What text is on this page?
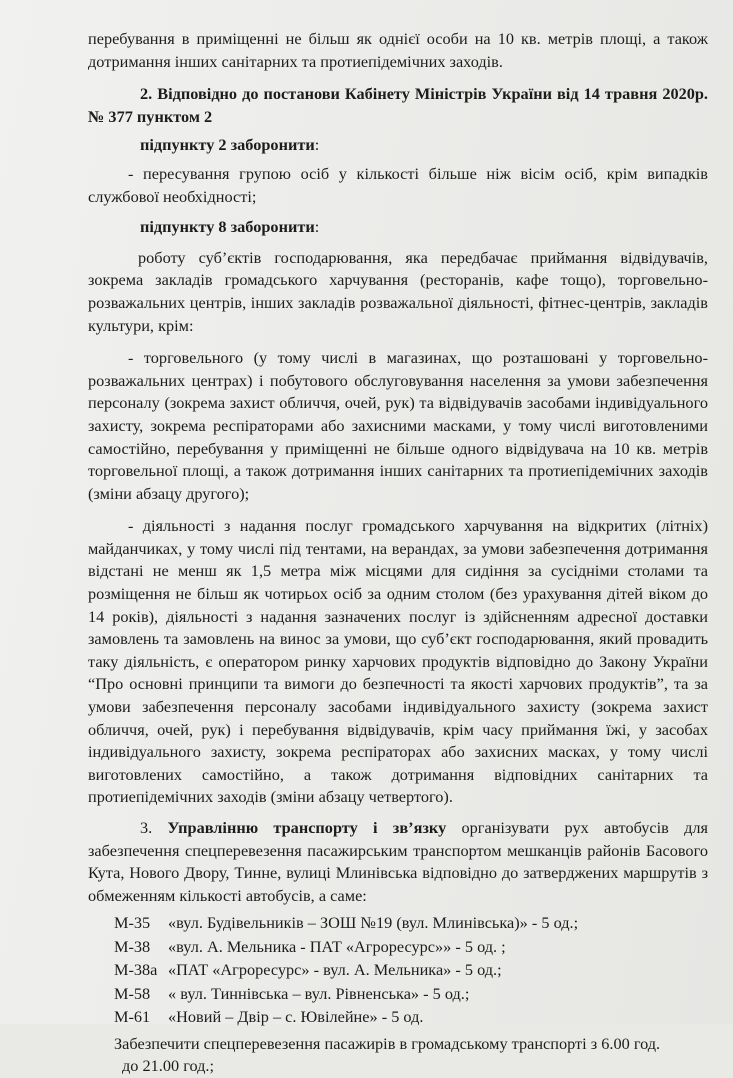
перебування в приміщенні не більш як однієї особи на 10 кв. метрів площі, а також дотримання інших санітарних та протиепідемічних заходів.

2. Відповідно до постанови Кабінету Міністрів України від 14 травня 2020р. № 377 пунктом 2

підпункту 2 заборонити:

- пересування групою осіб у кількості більше ніж вісім осіб, крім випадків службової необхідності;

підпункту 8 заборонити:

роботу суб’єктів господарювання, яка передбачає приймання відвідувачів, зокрема закладів громадського харчування (ресторанів, кафе тощо), торговельно-розважальних центрів, інших закладів розважальної діяльності, фітнес-центрів, закладів культури, крім:

- торговельного (у тому числі в магазинах, що розташовані у торговельно-розважальних центрах) і побутового обслуговування населення за умови забезпечення персоналу (зокрема захист обличчя, очей, рук) та відвідувачів засобами індивідуального захисту, зокрема респіраторами або захисними масками, у тому числі виготовленими самостійно, перебування у приміщенні не більше одного відвідувача на 10 кв. метрів торговельної площі, а також дотримання інших санітарних та протиепідемічних заходів (зміни абзацу другого);

- діяльності з надання послуг громадського харчування на відкритих (літніх) майданчиках, у тому числі під тентами, на верандах, за умови забезпечення дотримання відстані не менш як 1,5 метра між місцями для сидіння за сусідніми столами та розміщення не більш як чотирьох осіб за одним столом (без урахування дітей віком до 14 років), діяльності з надання зазначених послуг із здійсненням адресної доставки замовлень та замовлень на винос за умови, що суб’єкт господарювання, який провадить таку діяльність, є оператором ринку харчових продуктів відповідно до Закону України “Про основні принципи та вимоги до безпечності та якості харчових продуктів”, та за умови забезпечення персоналу засобами індивідуального захисту (зокрема захист обличчя, очей, рук) і перебування відвідувачів, крім часу приймання їжі, у засобах індивідуального захисту, зокрема респіраторах або захисних масках, у тому числі виготовлених самостійно, а також дотримання відповідних санітарних та протиепідемічних заходів (зміни абзацу четвертого).

3. Управлінню транспорту і зв’язку організувати рух автобусів для забезпечення спецперевезення пасажирським транспортом мешканців районів Басового Кута, Нового Двору, Тинне, вулиці Млинівська відповідно до затверджених маршрутів з обмеженням кількості автобусів, а саме:

М-35	«вул. Будівельників – ЗОШ №19 (вул. Млинівська)» - 5 од.;
М-38	«вул. А. Мельника - ПАТ «Агроресурс»» - 5 од. ;
М-38а «ПАТ «Агроресурс» - вул. А. Мельника» - 5 од.;
М-58	« вул. Тиннівська – вул. Рівненська» - 5 од.;
М-61	«Новий – Двір – с. Ювілейне» - 5 од.

Забезпечити спецперевезення пасажирів в громадському транспорті з 6.00 год.

до 21.00 год.;
